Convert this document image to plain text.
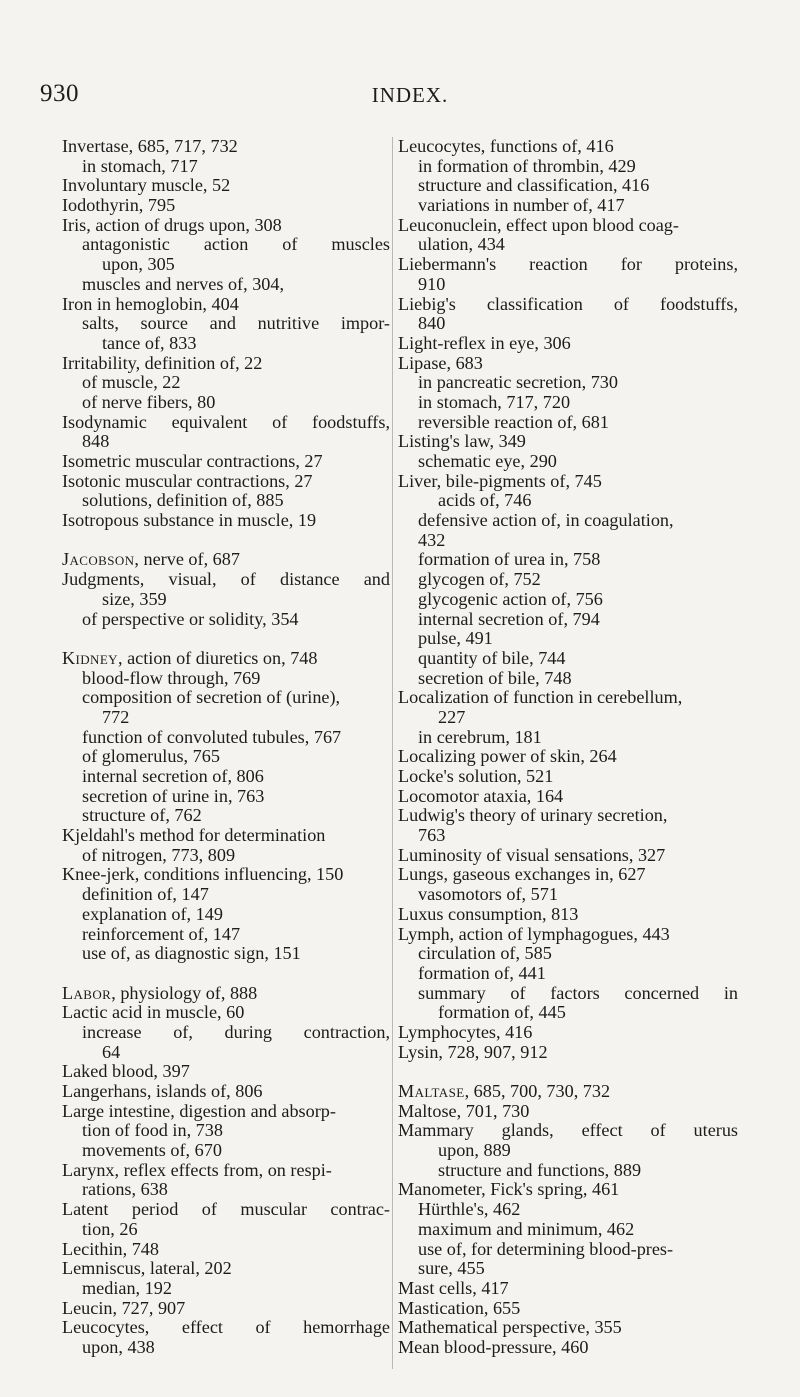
930	INDEX.
Invertase, 685, 717, 732
in stomach, 717
Involuntary muscle, 52
Iodothyrin, 795
Iris, action of drugs upon, 308
antagonistic action of muscles
upon, 305
muscles and nerves of, 304,
Iron in hemoglobin, 404
salts, source and nutritive impor-
tance of, 833
Irritability, definition of, 22
of muscle, 22
of nerve fibers, 80
Isodynamic equivalent of foodstuffs,
848
Isometric muscular contractions, 27
Isotonic muscular contractions, 27
solutions, definition of, 885
Isotropous substance in muscle, 19
Jacobson, nerve of, 687
Judgments, visual, of distance and
size, 359
of perspective or solidity, 354
Kidney, action of diuretics on, 748
blood-flow through, 769
composition of secretion of (urine),
772
function of convoluted tubules, 767
of glomerulus, 765
internal secretion of, 806
secretion of urine in, 763
structure of, 762
Kjeldahl's method for determination
of nitrogen, 773, 809
Knee-jerk, conditions influencing, 150
definition of, 147
explanation of, 149
reinforcement of, 147
use of, as diagnostic sign, 151
Labor, physiology of, 888
Lactic acid in muscle, 60
increase of, during contraction,
64
Laked blood, 397
Langerhans, islands of, 806
Large intestine, digestion and absorp-
tion of food in, 738
movements of, 670
Larynx, reflex effects from, on respi-
rations, 638
Latent period of muscular contrac-
tion, 26
Lecithin, 748
Lemniscus, lateral, 202
median, 192
Leucin, 727, 907
Leucocytes, effect of hemorrhage
upon, 438
Leucocytes, functions of, 416
in formation of thrombin, 429
structure and classification, 416
variations in number of, 417
Leuconuclein, effect upon blood coag-
ulation, 434
Liebermann's reaction for proteins,
910
Liebig's classification of foodstuffs,
840
Light-reflex in eye, 306
Lipase, 683
in pancreatic secretion, 730
in stomach, 717, 720
reversible reaction of, 681
Listing's law, 349
schematic eye, 290
Liver, bile-pigments of, 745
acids of, 746
defensive action of, in coagulation,
432
formation of urea in, 758
glycogen of, 752
glycogenic action of, 756
internal secretion of, 794
pulse, 491
quantity of bile, 744
secretion of bile, 748
Localization of function in cerebellum,
227
in cerebrum, 181
Localizing power of skin, 264
Locke's solution, 521
Locomotor ataxia, 164
Ludwig's theory of urinary secretion,
763
Luminosity of visual sensations, 327
Lungs, gaseous exchanges in, 627
vasomotors of, 571
Luxus consumption, 813
Lymph, action of lymphagogues, 443
circulation of, 585
formation of, 441
summary of factors concerned in
formation of, 445
Lymphocytes, 416
Lysin, 728, 907, 912
Maltase, 685, 700, 730, 732
Maltose, 701, 730
Mammary glands, effect of uterus
upon, 889
structure and functions, 889
Manometer, Fick's spring, 461
Hürthle's, 462
maximum and minimum, 462
use of, for determining blood-pres-
sure, 455
Mast cells, 417
Mastication, 655
Mathematical perspective, 355
Mean blood-pressure, 460
